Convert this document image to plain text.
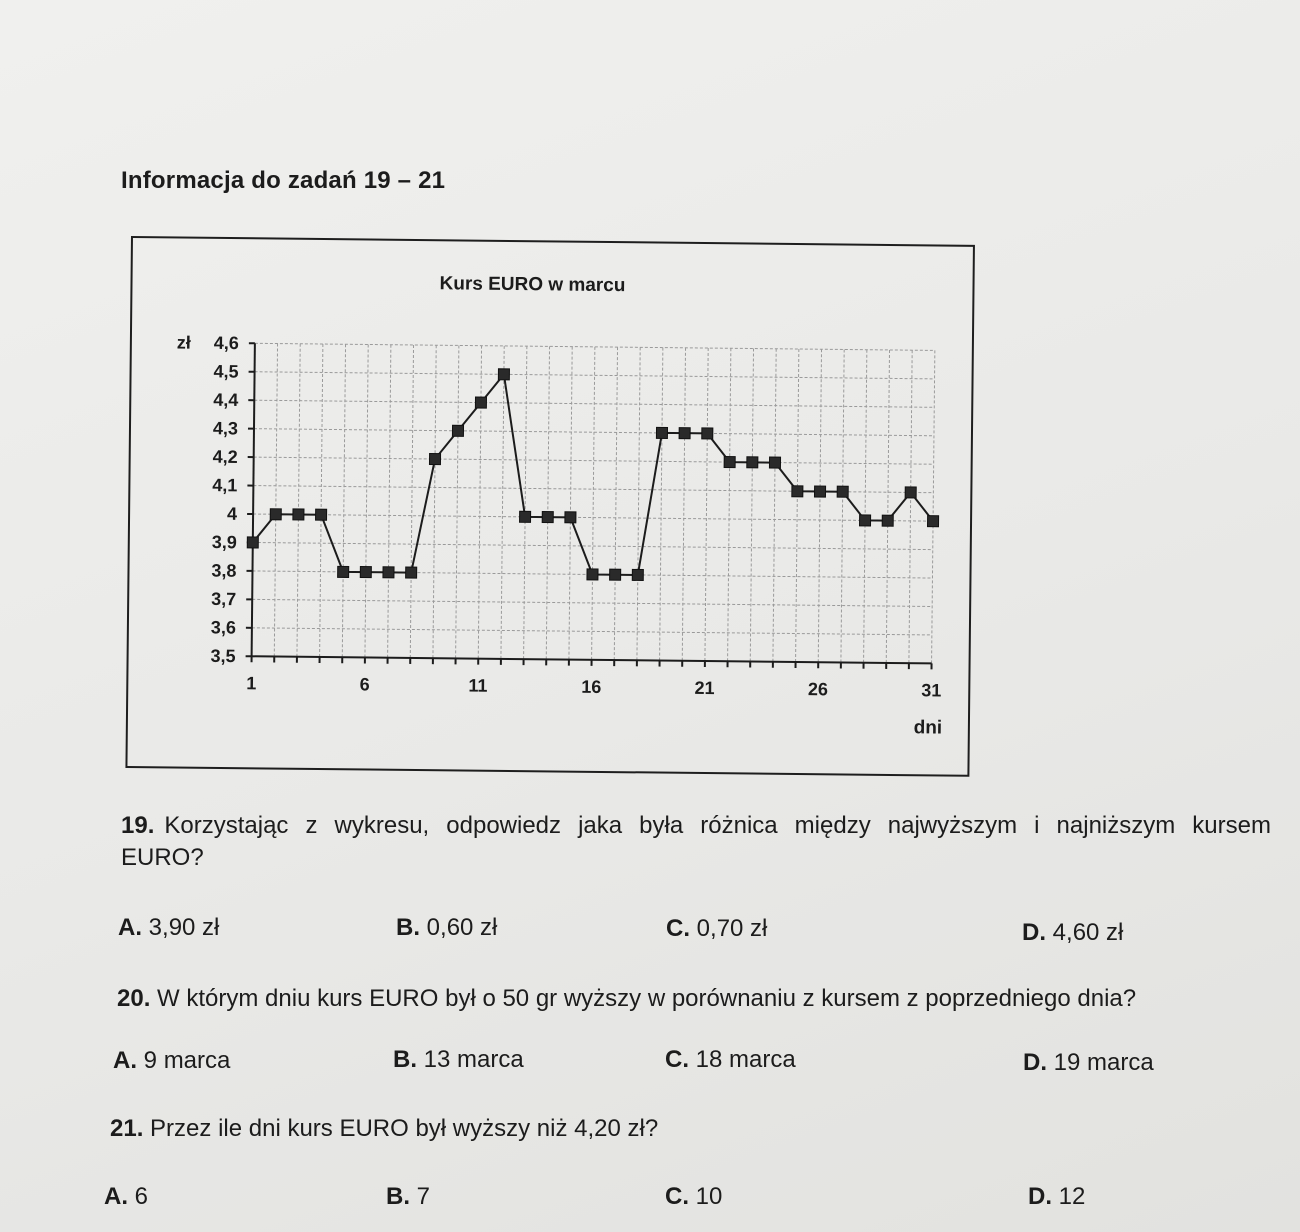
Informacja do zadań 19 – 21
Kurs EURO w marcu
zł
dni
3,5
3,6
3,7
3,8
3,9
4
4,1
4,2
4,3
4,4
4,5
4,6
1	6	11	16	21	26	31
19. Korzystając z wykresu, odpowiedz jaka była różnica między najwyższym i najniższym kursem
EURO?
A. 3,90 zł	B. 0,60 zł	C. 0,70 zł	D. 4,60 zł
20. W którym dniu kurs EURO był o 50 gr wyższy w porównaniu z kursem z poprzedniego dnia?
A. 9 marca	B. 13 marca	C. 18 marca	D. 19 marca
21. Przez ile dni kurs EURO był wyższy niż 4,20 zł?
A. 6	B. 7	C. 10	D. 12
